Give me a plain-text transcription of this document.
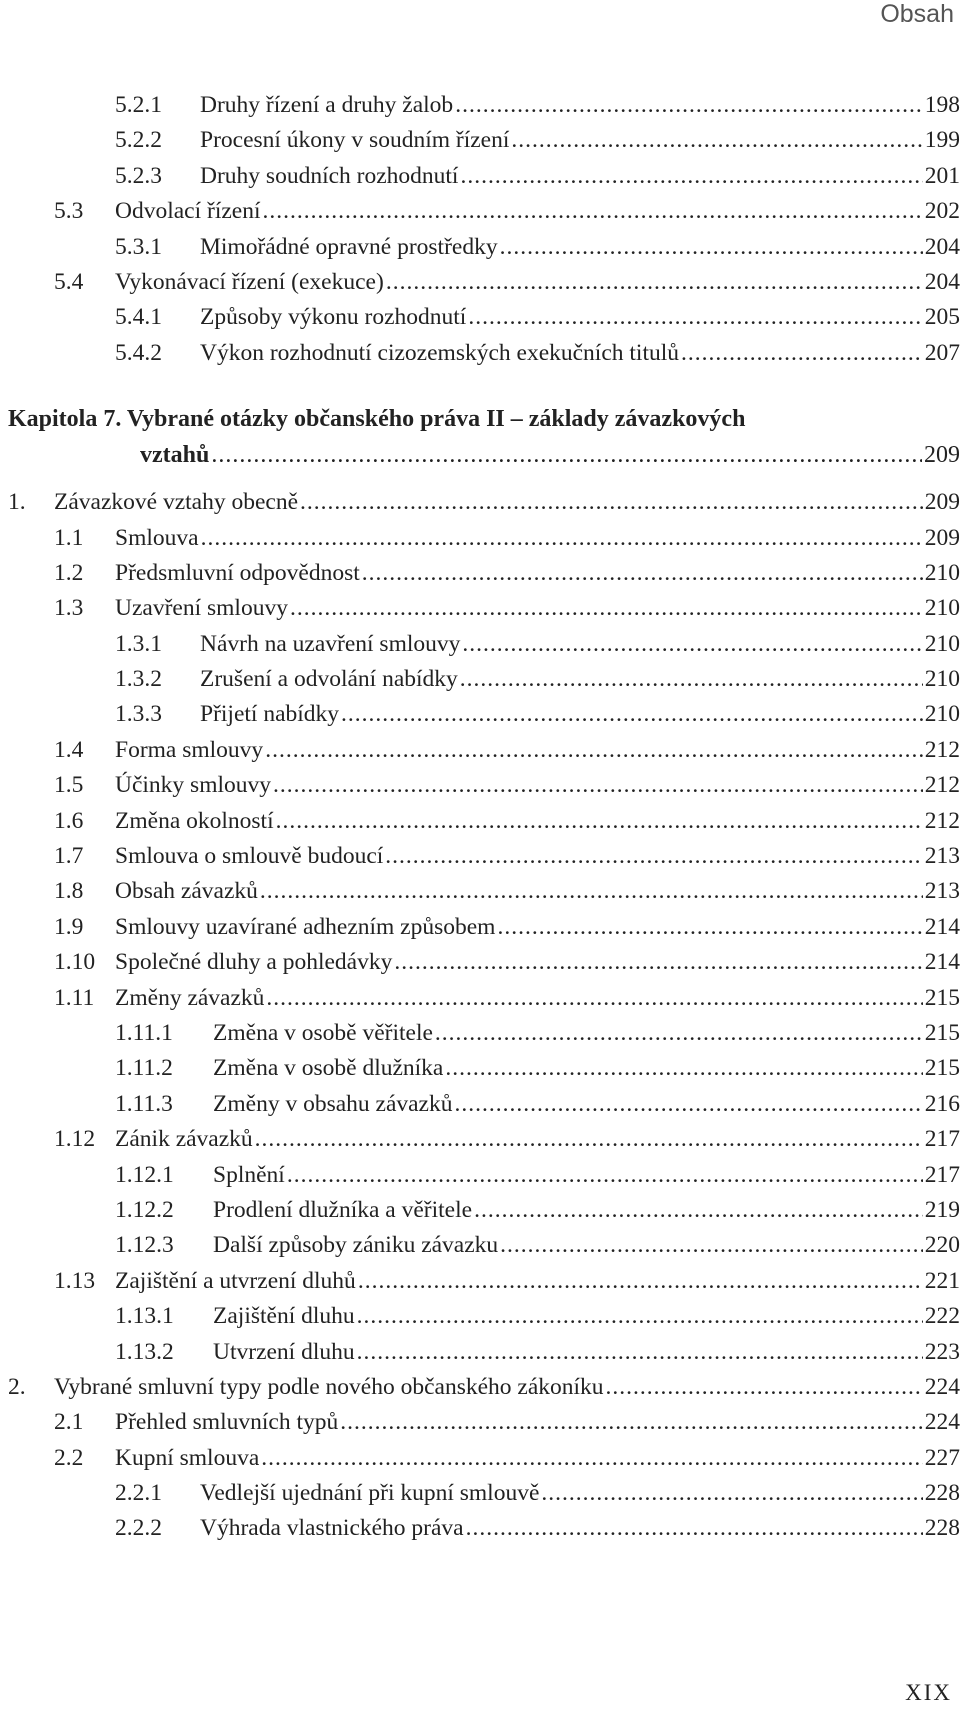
Obsah
5.2.1 Druhy řízení a druhy žalob .....	198
5.2.2 Procesní úkony v soudním řízení .....	199
5.2.3 Druhy soudních rozhodnutí .....	201
5.3 Odvolací řízení .....	202
5.3.1 Mimořádné opravné prostředky .....	204
5.4 Vykonávací řízení (exekuce) .....	204
5.4.1 Způsoby výkonu rozhodnutí .....	205
5.4.2 Výkon rozhodnutí cizozemských exekučních titulů .....	207
Kapitola 7. Vybrané otázky občanského práva II – základy závazkových
vztahů .....	209
1. Závazkové vztahy obecně .....	209
1.1 Smlouva .....	209
1.2 Předsmluvní odpovědnost .....	210
1.3 Uzavření smlouvy .....	210
1.3.1 Návrh na uzavření smlouvy .....	210
1.3.2 Zrušení a odvolání nabídky .....	210
1.3.3 Přijetí nabídky .....	210
1.4 Forma smlouvy .....	212
1.5 Účinky smlouvy .....	212
1.6 Změna okolností .....	212
1.7 Smlouva o smlouvě budoucí .....	213
1.8 Obsah závazků .....	213
1.9 Smlouvy uzavírané adhezním způsobem .....	214
1.10 Společné dluhy a pohledávky .....	214
1.11 Změny závazků .....	215
1.11.1 Změna v osobě věřitele .....	215
1.11.2 Změna v osobě dlužníka .....	215
1.11.3 Změny v obsahu závazků .....	216
1.12 Zánik závazků .....	217
1.12.1 Splnění .....	217
1.12.2 Prodlení dlužníka a věřitele .....	219
1.12.3 Další způsoby zániku závazku .....	220
1.13 Zajištění a utvrzení dluhů .....	221
1.13.1 Zajištění dluhu .....	222
1.13.2 Utvrzení dluhu .....	223
2. Vybrané smluvní typy podle nového občanského zákoníku .....	224
2.1 Přehled smluvních typů .....	224
2.2 Kupní smlouva .....	227
2.2.1 Vedlejší ujednání při kupní smlouvě .....	228
2.2.2 Výhrada vlastnického práva .....	228
XIX
